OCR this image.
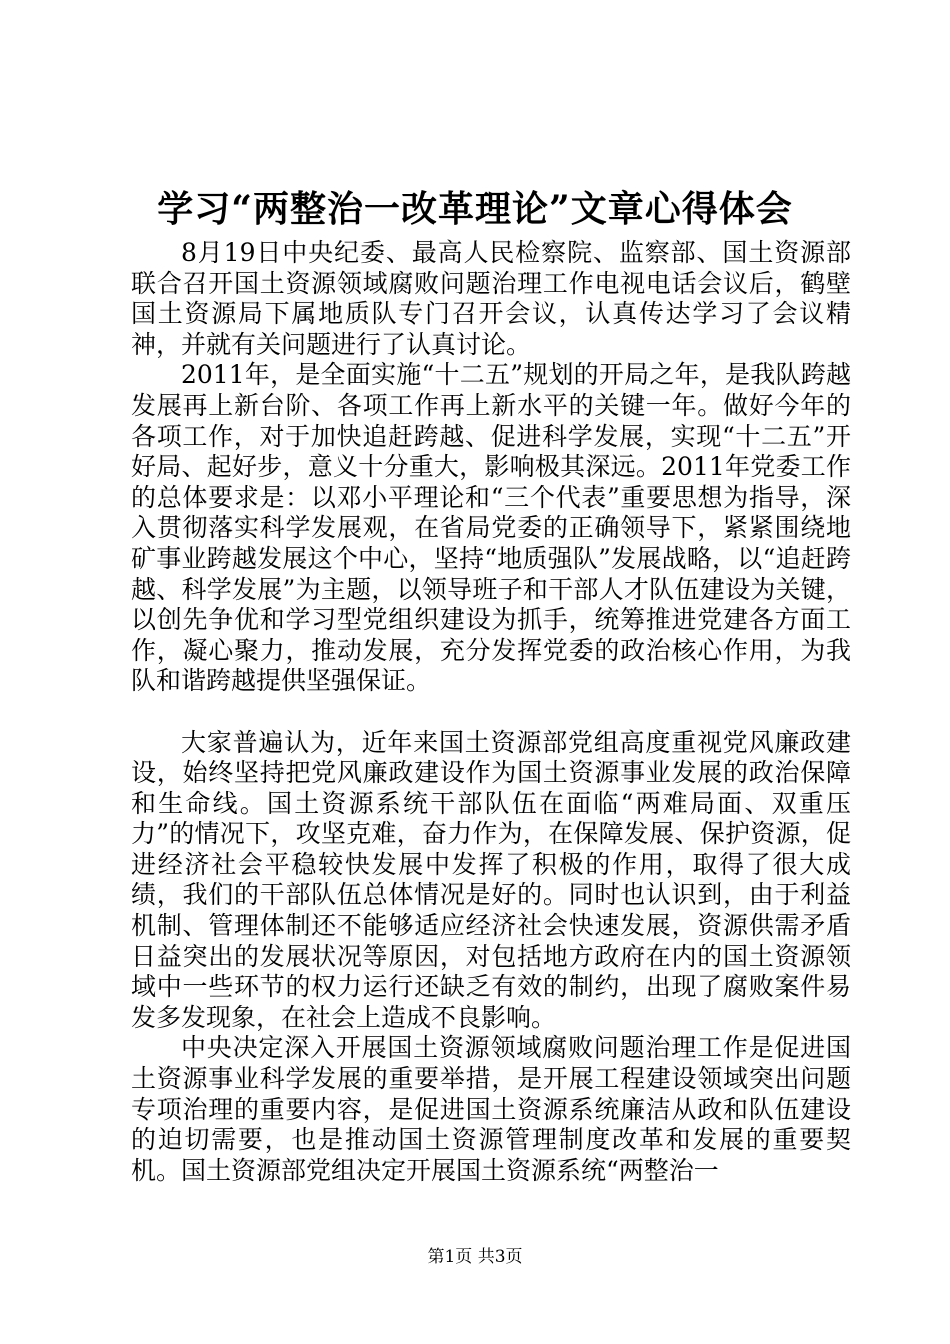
学习“两整治一改革理论”文章心得体会

8月19日中央纪委、最高人民检察院、监察部、国土资源部联合召开国土资源领域腐败问题治理工作电视电话会议后，鹤壁国土资源局下属地质队专门召开会议，认真传达学习了会议精神，并就有关问题进行了认真讨论。

2011年，是全面实施“十二五”规划的开局之年，是我队跨越发展再上新台阶、各项工作再上新水平的关键一年。做好今年的各项工作，对于加快追赶跨越、促进科学发展，实现“十二五”开好局、起好步，意义十分重大，影响极其深远。2011年党委工作的总体要求是：以邓小平理论和“三个代表”重要思想为指导，深入贯彻落实科学发展观，在省局党委的正确领导下，紧紧围绕地矿事业跨越发展这个中心，坚持“地质强队”发展战略，以“追赶跨越、科学发展”为主题，以领导班子和干部人才队伍建设为关键，以创先争优和学习型党组织建设为抓手，统筹推进党建各方面工作，凝心聚力，推动发展，充分发挥党委的政治核心作用，为我队和谐跨越提供坚强保证。

大家普遍认为，近年来国土资源部党组高度重视党风廉政建设，始终坚持把党风廉政建设作为国土资源事业发展的政治保障和生命线。国土资源系统干部队伍在面临“两难局面、双重压力”的情况下，攻坚克难，奋力作为，在保障发展、保护资源，促进经济社会平稳较快发展中发挥了积极的作用，取得了很大成绩，我们的干部队伍总体情况是好的。同时也认识到，由于利益机制、管理体制还不能够适应经济社会快速发展，资源供需矛盾日益突出的发展状况等原因，对包括地方政府在内的国土资源领域中一些环节的权力运行还缺乏有效的制约，出现了腐败案件易发多发现象，在社会上造成不良影响。

中央决定深入开展国土资源领域腐败问题治理工作是促进国土资源事业科学发展的重要举措，是开展工程建设领域突出问题专项治理的重要内容，是促进国土资源系统廉洁从政和队伍建设的迫切需要，也是推动国土资源管理制度改革和发展的重要契机。国土资源部党组决定开展国土资源系统“两整治一

第1页 共3页
